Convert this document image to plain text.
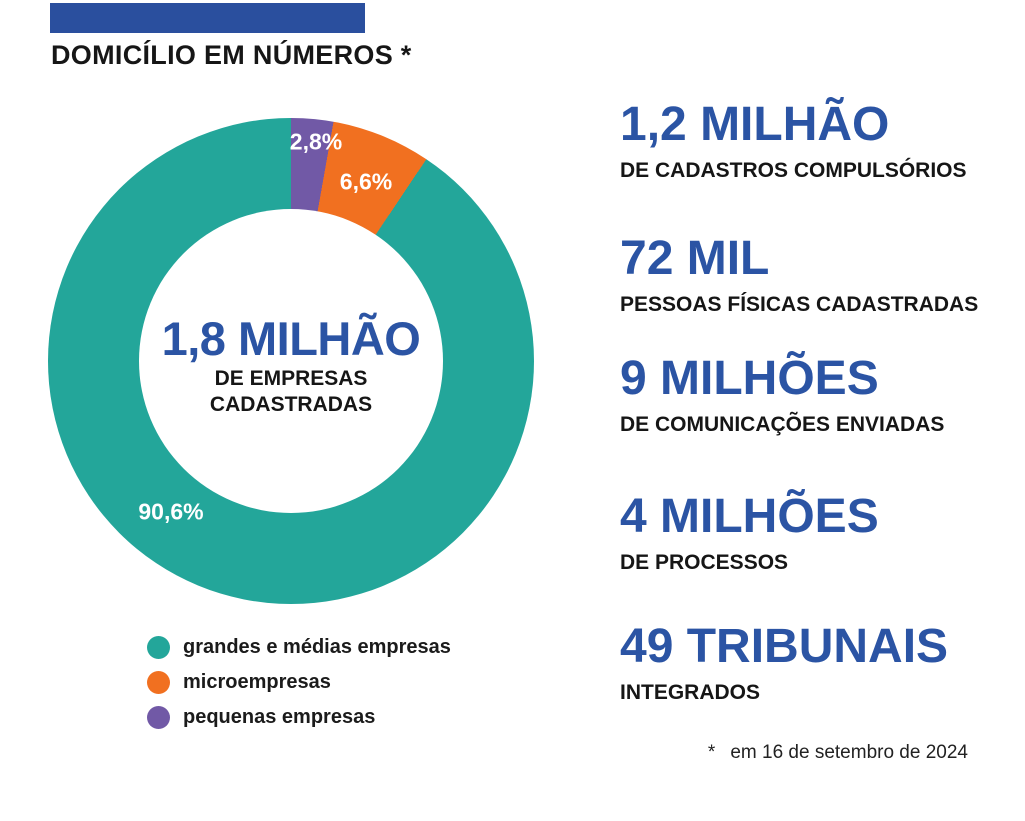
DOMICÍLIO EM NÚMEROS *
2,8%
6,6%
90,6%
1,8 MILHÃO
DE EMPRESAS
CADASTRADAS
grandes e médias empresas
microempresas
pequenas empresas
1,2 MILHÃO
DE CADASTROS COMPULSÓRIOS
72 MIL
PESSOAS FÍSICAS CADASTRADAS
9 MILHÕES
DE COMUNICAÇÕES ENVIADAS
4 MILHÕES
DE PROCESSOS
49 TRIBUNAIS
INTEGRADOS
* em 16 de setembro de 2024
